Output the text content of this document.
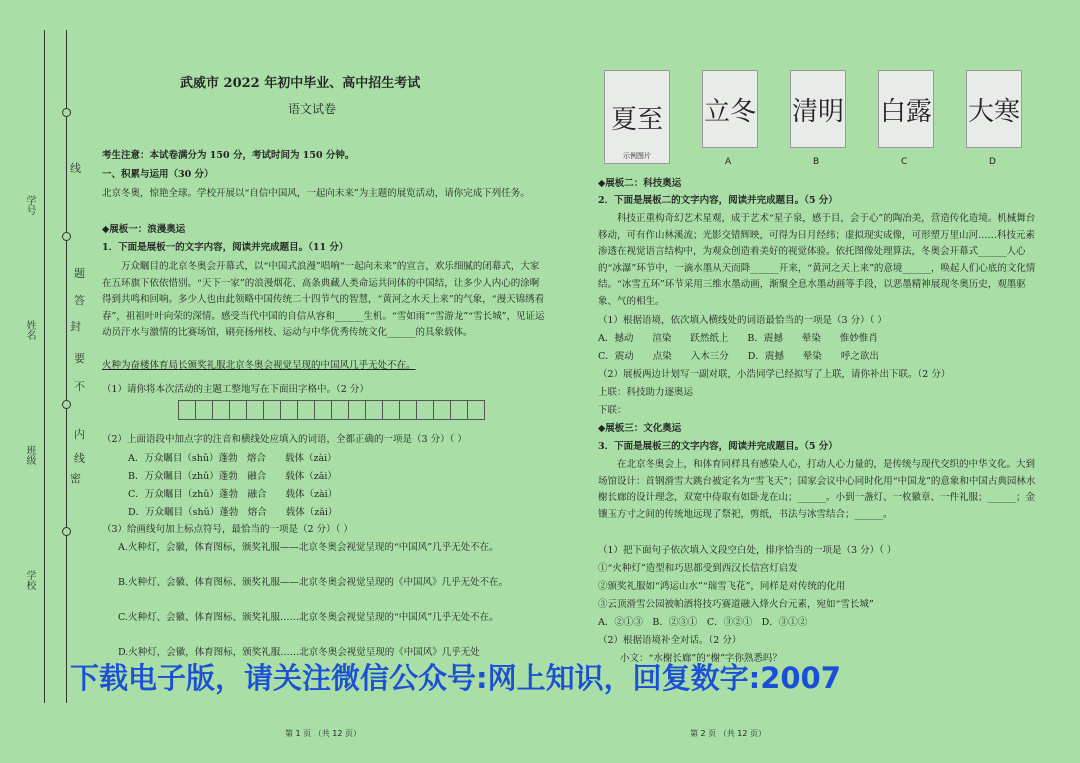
学号
姓名
班级
学校
线
封
密
题
答
要
不
内
线
武威市 2022 年初中毕业、高中招生考试
语文试卷
考生注意：本试卷满分为 150 分，考试时间为 150 分钟。
一、积累与运用（30 分）
北京冬奥，惊艳全球。学校开展以“自信中国风，一起向未来”为主题的展览活动，请你完成下列任务。
◆展板一：浪漫奥运
1．下面是展板一的文字内容，阅读并完成题目。（11 分）
万众瞩目的北京冬奥会开幕式，以“中国式浪漫”唱响“一起向未来”的宣言，欢乐细腻的闭幕式，大家在五环旗下依依惜别。“天下一家”的浪漫烟花、高条典藏人类命运共同体的中国结，让多少人内心的涂啊得到共鸣和回响。多少人也由此领略中国传统二十四节气的智慧，“黄河之水天上来”的气象，“漫天锦绣看春”，祖祖叶叶向荣的深情。感受当代中国的自信从容和______生机。“雪如雨”“雪游龙”“雪长城”，见证运动员汗水与激情的比赛场馆，刷亮扬州枝、运动与中华优秀传统文化______的具象载体。
火种为奋楼体育局长颁奖礼服北京冬奥会视觉呈现的中国风几乎无处不在。
（1）请你将本次活动的主题工整地写在下面田字格中。（2 分）
（2）上面语段中加点字的注音和横线处应填入的词语，全都正确的一项是（3 分）（ ）
A．万众瞩目（shǔ）蓬勃　熔合　　载体（zài）
B．万众瞩目（zhǔ）蓬勃　融合　　载体（zǎi）
C．万众瞩目（zhǔ）蓬勃　融合　　载体（zài）
D．万众瞩目（shǔ）蓬勃　熔合　　载体（zǎi）
（3）给画线句加上标点符号，最恰当的一项是（2 分）（ ）
A.火种灯，会徽，体育图标，颁奖礼服——北京冬奥会视觉呈现的“中国风”几乎无处不在。
B.火种灯、会徽、体育图标、颁奖礼服——北京冬奥会视觉呈现的《中国风》几乎无处不在。
C.火种灯、会徽、体育图标、颁奖礼服……北京冬奥会视觉呈现的“中国风”几乎无处不在。
D.火种灯，会徽，体育图标，颁奖礼服……北京冬奥会视觉呈现的《中国风》几乎无处
第 1 页 （共 12 页）
夏至
示例图片
立冬 清明 白露 大寒
A	B	C	D
◆展板二：科技奥运
2．下面是展板二的文字内容，阅读并完成题目。（5 分）
科技正重构奇幻艺术星观，成于艺术“星子泉，感于目，会于心”的陶冶美，营造传化造境。机械舞台移动，可有作山林溪流；光影交错辉映，可得为日月经纬；虚拟现实成像，可形塑万里山河……科技元素渗透在视觉语言结构中，为观众创造着美好的视觉体验。依托图像处理算法，冬奥会开幕式______人心的“冰瀑”环节中，一滴水墨从天而降______开来，“黄河之天上来”的意境______，唤起人们心底的文化情结。“冰雪五环”环节采用三维水墨动画，渐聚全息水墨动画等手段，以恶墨精神展现冬奥历史，观墨驱象、气的相生。
（1）根据语境，依次填入横线处的词语最恰当的一项是（3 分）（ ）
A．撼动　　渲染　　跃然纸上　　B．震撼　　晕染　　惟妙惟肖
C．震动　　点染　　入木三分　　D．震撼　　晕染　　呼之欲出
（2）展板两边计划写一副对联，小浩同学已经拟写了上联，请你补出下联。（2 分）
上联：科技助力逐奥运
下联：
◆展板三：文化奥运
3．下面是展板三的文字内容，阅读并完成题目。（5 分）
在北京冬奥会上，和体育同样具有感染人心，打动人心力量的，是传统与现代交织的中华文化。大到场馆设计：首钢滑雪大跳台被定名为“雪飞天”；国家会议中心同时化用“中国龙”的意象和中国古典园林水榭长廊的设计理念，双宽中侍取有如卧龙在山；______。小到一盏灯、一枚徽章、一件礼服；______；金镶玉方寸之间的传统地远现了祭祀，剪纸，书法与冰雪结合；______。
（1）把下面句子依次填入文段空白处，排序恰当的一项是（3 分）（ ）
①“火种灯”造型和巧思都受到西汉长信宫灯启发
②颁奖礼服如“鸿运山水”“瑞雪飞花”，同样是对传统的化用
③云顶滑雪公园被帕酒将技巧赛道融入烽火台元素，宛如“雪长城”
A．②①③　B．②③①　C．③②①　D．③①②
（2）根据语境补全对话。（2 分）
小文：“水榭长廊”的“榭”字你熟悉吗？
第 2 页 （共 12 页）
下载电子版，请关注微信公众号:网上知识，回复数字:2007
